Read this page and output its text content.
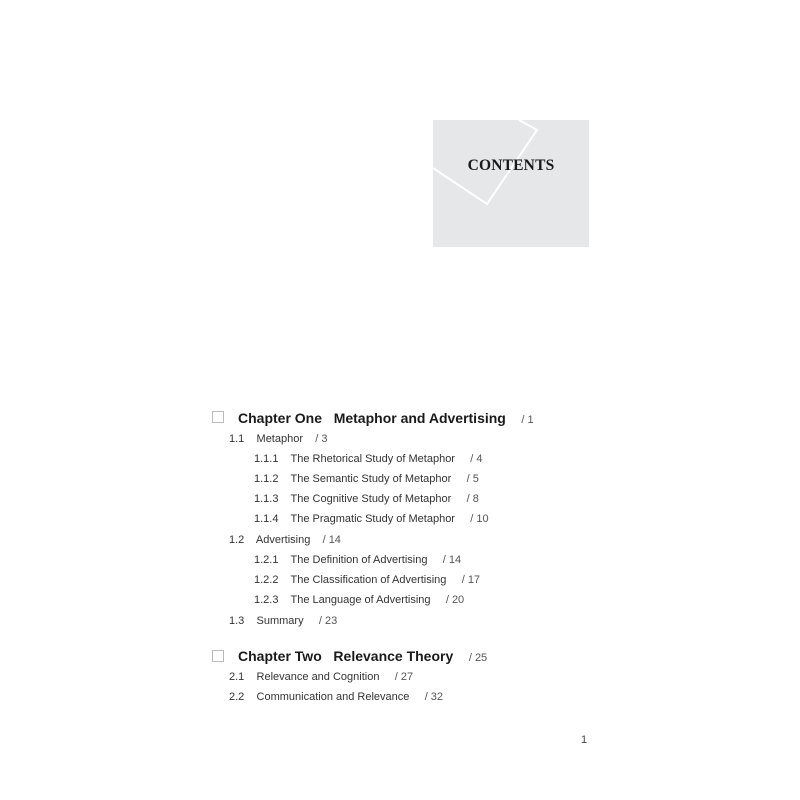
CONTENTS
Chapter One Metaphor and Advertising / 1
1.1 Metaphor / 3
1.1.1 The Rhetorical Study of Metaphor / 4
1.1.2 The Semantic Study of Metaphor / 5
1.1.3 The Cognitive Study of Metaphor / 8
1.1.4 The Pragmatic Study of Metaphor / 10
1.2 Advertising / 14
1.2.1 The Definition of Advertising / 14
1.2.2 The Classification of Advertising / 17
1.2.3 The Language of Advertising / 20
1.3 Summary / 23
Chapter Two Relevance Theory / 25
2.1 Relevance and Cognition / 27
2.2 Communication and Relevance / 32
1
